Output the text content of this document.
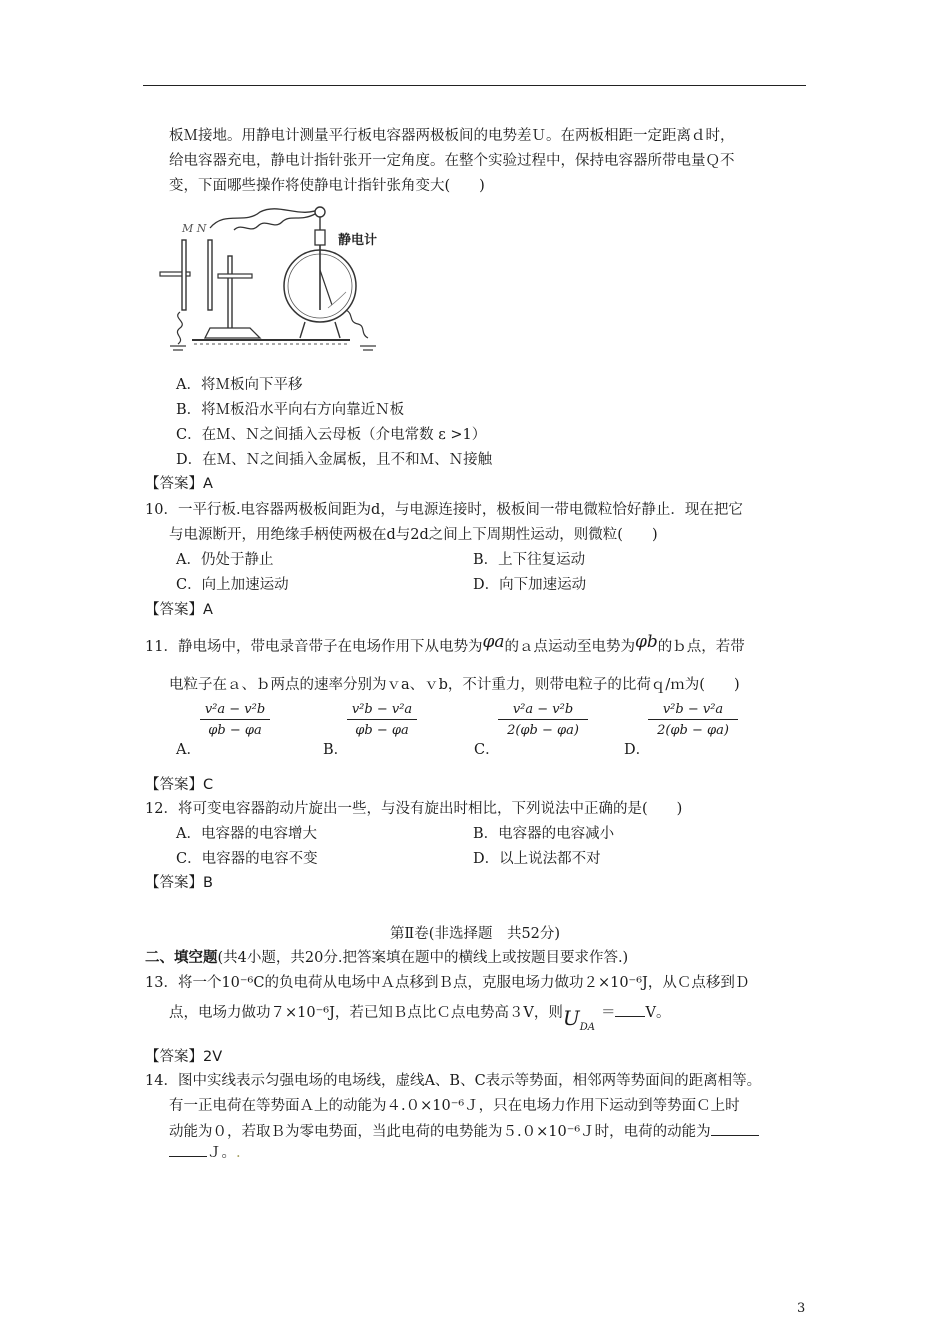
板Ｍ接地。用静电计测量平行板电容器两极板间的电势差Ｕ。在两板相距一定距离ｄ时，
给电容器充电，静电计指针张开一定角度。在整个实验过程中，保持电容器所带电量Ｑ不
变，下面哪些操作将使静电计指针张角变大(　　)
M N
静电计
A．将Ｍ板向下平移
B．将Ｍ板沿水平向右方向靠近Ｎ板
C．在Ｍ、Ｎ之间插入云母板（介电常数 ε >1）
D．在Ｍ、Ｎ之间插入金属板，且不和Ｍ、Ｎ接触
【答案】A
10．一平行板.电容器两极板间距为d，与电源连接时，极板间一带电微粒恰好静止．现在把它
与电源断开，用绝缘手柄使两极在d与2d之间上下周期性运动，则微粒(　　)
A．仍处于静止	B．上下往复运动
C．向上加速运动	D．向下加速运动
【答案】A
11．静电场中，带电录音带子在电场作用下从电势为φa的ａ点运动至电势为φb的ｂ点，若带
电粒子在ａ、ｂ两点的速率分别为ｖa、ｖb，不计重力，则带电粒子的比荷ｑ/ｍ为(　　)
A．
v²a − v²b
φb − φa
B．
v²b − v²a
φb − φa
C．
v²a − v²b
2(φb − φa)
D．
v²b − v²a
2(φb − φa)
【答案】C
12．将可变电容器韵动片旋出一些，与没有旋出时相比，下列说法中正确的是(　　)
A．电容器的电容增大	B．电容器的电容减小
C．电容器的电容不变	D．以上说法都不对
【答案】B
第Ⅱ卷(非选择题　共52分)
二、填空题(共4小题，共20分.把答案填在题中的横线上或按题目要求作答.)
13．将一个10⁻⁶C的负电荷从电场中Ａ点移到Ｂ点，克服电场力做功２×10⁻⁶J，从Ｃ点移到Ｄ
点，电场力做功７×10⁻⁶J，若已知Ｂ点比Ｃ点电势高３V，则$U_{DA}= V$。
【答案】2V
14．图中实线表示匀强电场的电场线，虚线A、B、C表示等势面，相邻两等势面间的距离相等。
有一正电荷在等势面Ａ上的动能为４.０×10⁻⁶Ｊ，只在电场力作用下运动到等势面Ｃ上时
动能为０，若取Ｂ为零电势面，当此电荷的电势能为５.０×10⁻⁶Ｊ时，电荷的动能为
Ｊ。.
3
